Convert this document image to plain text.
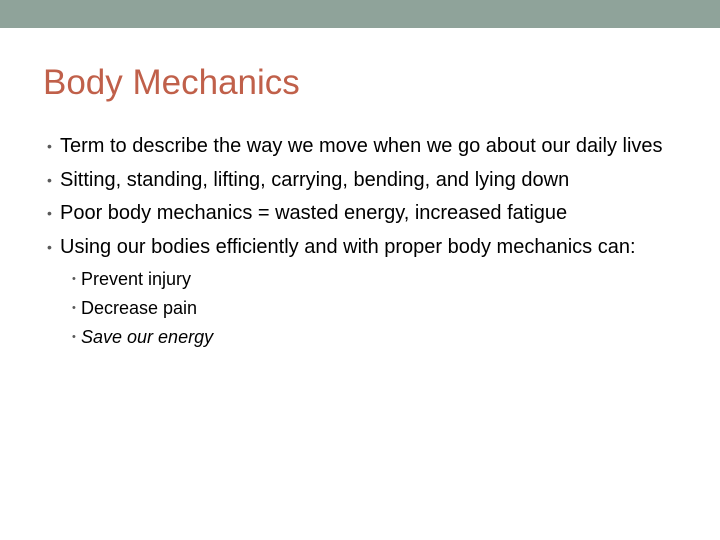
Body Mechanics
• Term to describe the way we move when we go about our daily lives
• Sitting, standing, lifting, carrying, bending, and lying down
• Poor body mechanics = wasted energy, increased fatigue
• Using our bodies efficiently and with proper body mechanics can:
• Prevent injury
• Decrease pain
• Save our energy
